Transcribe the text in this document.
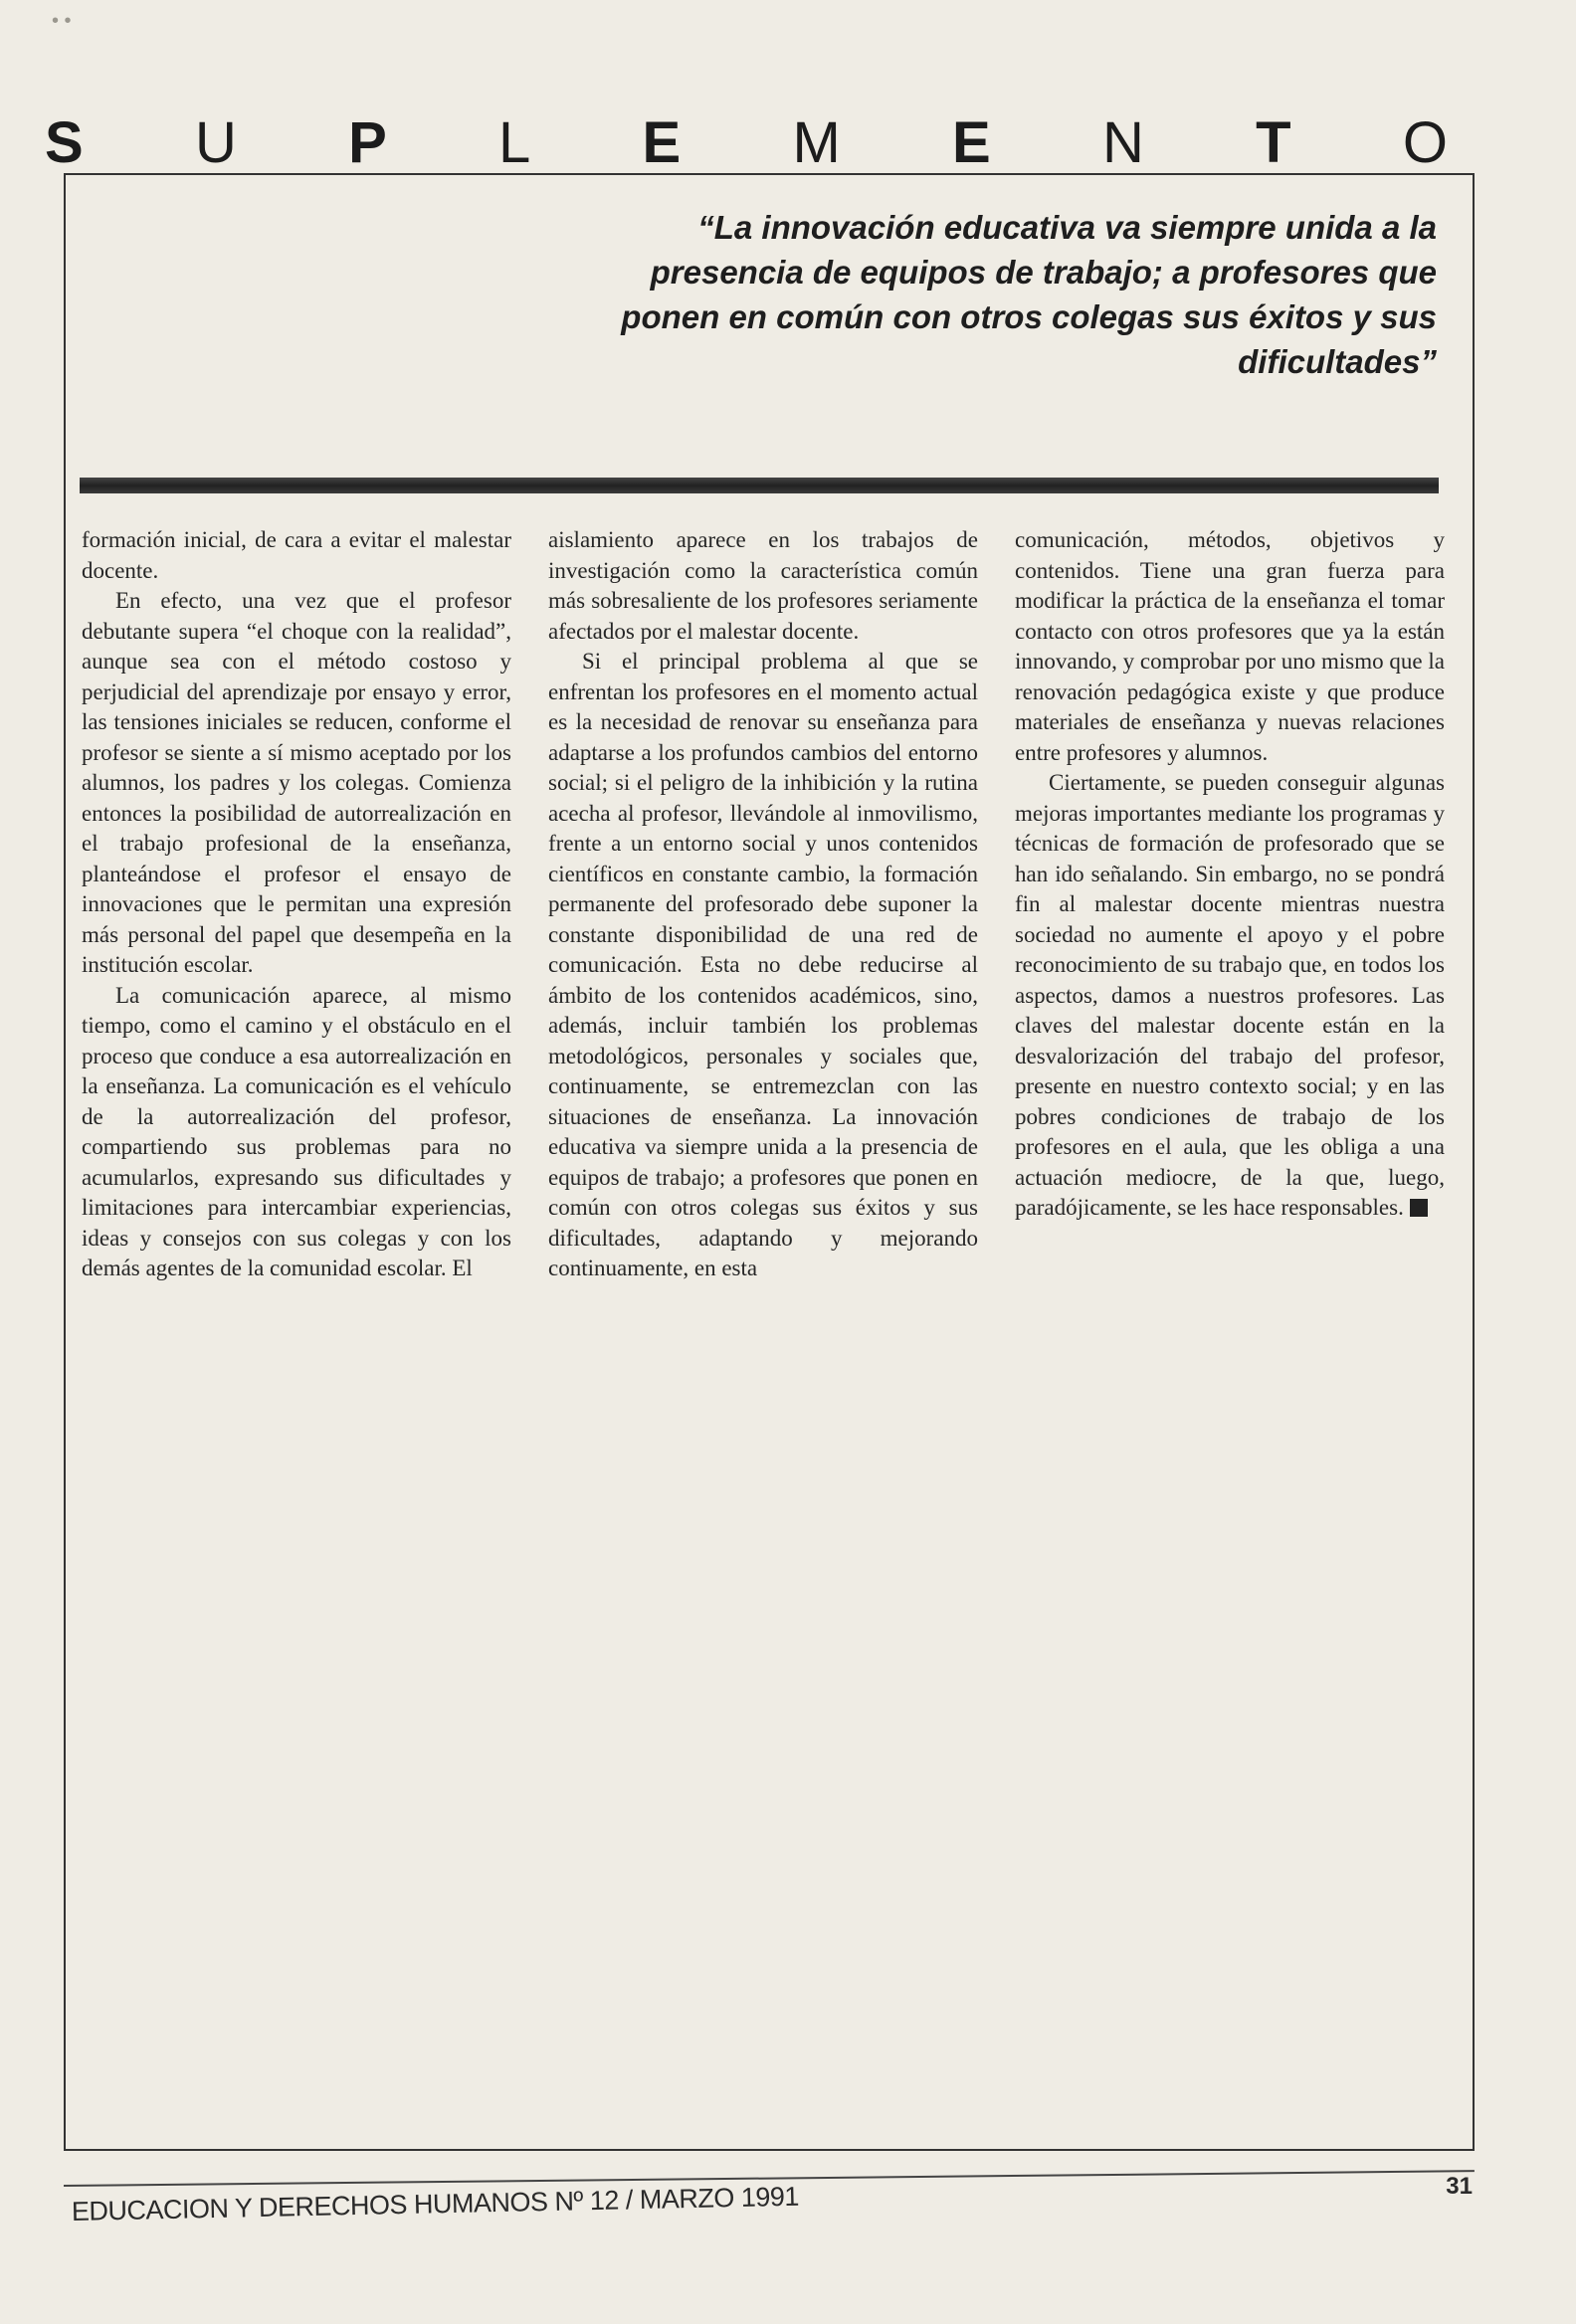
• •
S U P L E M E N T O

“La innovación educativa va siempre unida a la presencia de equipos de trabajo; a profesores que ponen en común con otros colegas sus éxitos y sus dificultades”

formación inicial, de cara a evitar el malestar docente.

En efecto, una vez que el profesor debutante supera “el choque con la realidad”, aunque sea con el método costoso y perjudicial del aprendizaje por ensayo y error, las tensiones iniciales se reducen, conforme el profesor se siente a sí mismo aceptado por los alumnos, los padres y los colegas. Comienza entonces la posibilidad de autorrealización en el trabajo profesional de la enseñanza, planteándose el profesor el ensayo de innovaciones que le permitan una expresión más personal del papel que desempeña en la institución escolar.

La comunicación aparece, al mismo tiempo, como el camino y el obstáculo en el proceso que conduce a esa autorrealización en la enseñanza. La comunicación es el vehículo de la autorrealización del profesor, compartiendo sus problemas para no acumularlos, expresando sus dificultades y limitaciones para intercambiar experiencias, ideas y consejos con sus colegas y con los demás agentes de la comunidad escolar. El

aislamiento aparece en los trabajos de investigación como la característica común más sobresaliente de los profesores seriamente afectados por el malestar docente.

Si el principal problema al que se enfrentan los profesores en el momento actual es la necesidad de renovar su enseñanza para adaptarse a los profundos cambios del entorno social; si el peligro de la inhibición y la rutina acecha al profesor, llevándole al inmovilismo, frente a un entorno social y unos contenidos científicos en constante cambio, la formación permanente del profesorado debe suponer la constante disponibilidad de una red de comunicación. Esta no debe reducirse al ámbito de los contenidos académicos, sino, además, incluir también los problemas metodológicos, personales y sociales que, continuamente, se entremezclan con las situaciones de enseñanza. La innovación educativa va siempre unida a la presencia de equipos de trabajo; a profesores que ponen en común con otros colegas sus éxitos y sus dificultades, adaptando y mejorando continuamente, en esta

comunicación, métodos, objetivos y contenidos. Tiene una gran fuerza para modificar la práctica de la enseñanza el tomar contacto con otros profesores que ya la están innovando, y comprobar por uno mismo que la renovación pedagógica existe y que produce materiales de enseñanza y nuevas relaciones entre profesores y alumnos.

Ciertamente, se pueden conseguir algunas mejoras importantes mediante los programas y técnicas de formación de profesorado que se han ido señalando. Sin embargo, no se pondrá fin al malestar docente mientras nuestra sociedad no aumente el apoyo y el pobre reconocimiento de su trabajo que, en todos los aspectos, damos a nuestros profesores. Las claves del malestar docente están en la desvalorización del trabajo del profesor, presente en nuestro contexto social; y en las pobres condiciones de trabajo de los profesores en el aula, que les obliga a una actuación mediocre, de la que, luego, paradójicamente, se les hace responsables.

EDUCACION Y DERECHOS HUMANOS Nº 12 / MARZO 1991	31
